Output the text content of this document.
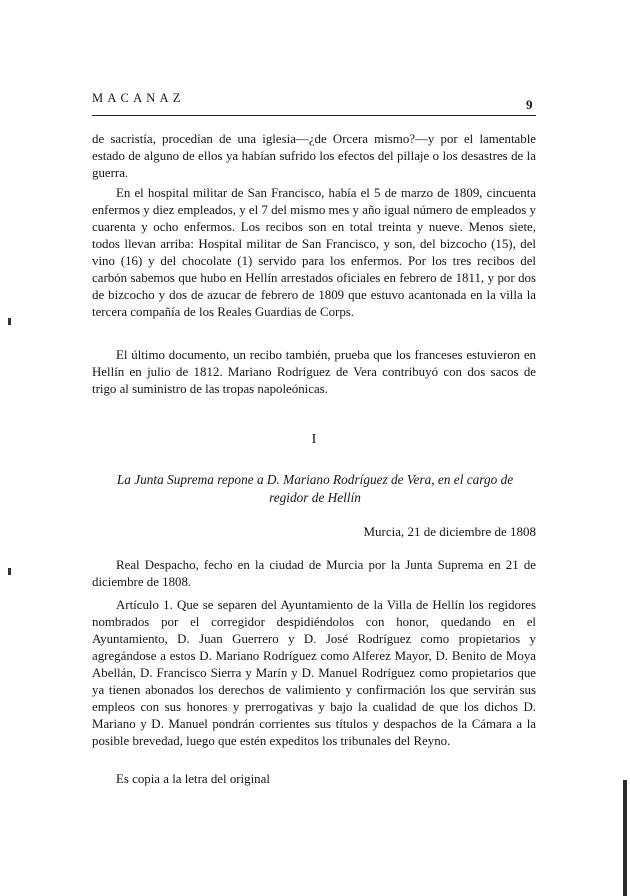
MACANAZ	9

de sacristía, procedían de una iglesia—¿de Orcera mismo?—y por el lamentable estado de alguno de ellos ya habían sufrido los efectos del pillaje o los desastres de la guerra.

En el hospital militar de San Francisco, había el 5 de marzo de 1809, cincuenta enfermos y diez empleados, y el 7 del mismo mes y año igual número de empleados y cuarenta y ocho enfermos. Los recibos son en total treinta y nueve. Menos siete, todos llevan arriba: Hospital militar de San Francisco, y son, del bizcocho (15), del vino (16) y del chocolate (1) servido para los enfermos. Por los tres recibos del carbón sabemos que hubo en Hellín arrestados oficiales en febrero de 1811, y por dos de bizcocho y dos de azucar de febrero de 1809 que estuvo acantonada en la villa la tercera compañía de los Reales Guardias de Corps.

El último documento, un recibo también, prueba que los franceses estuvieron en Hellín en julio de 1812. Mariano Rodríguez de Vera contribuyó con dos sacos de trigo al suministro de las tropas napoleónicas.

I
La Junta Suprema repone a D. Mariano Rodríguez de Vera, en el cargo de regidor de Hellín
Murcia, 21 de diciembre de 1808

Real Despacho, fecho en la ciudad de Murcia por la Junta Suprema en 21 de diciembre de 1808.

Artículo 1. Que se separen del Ayuntamiento de la Villa de Hellín los regidores nombrados por el corregidor despidiéndolos con honor, quedando en el Ayuntamiento, D. Juan Guerrero y D. José Rodríguez como propietarios y agregándose a estos D. Mariano Rodríguez como Alferez Mayor, D. Benito de Moya Abellán, D. Francisco Sierra y Marín y D. Manuel Rodríguez como propietarios que ya tienen abonados los derechos de valimiento y confirmación los que servirán sus empleos con sus honores y prerrogativas y bajo la cualidad de que los dichos D. Mariano y D. Manuel pondrán corrientes sus títulos y despachos de la Cámara a la posible brevedad, luego que estén expeditos los tribunales del Reyno.

Es copia a la letra del original
